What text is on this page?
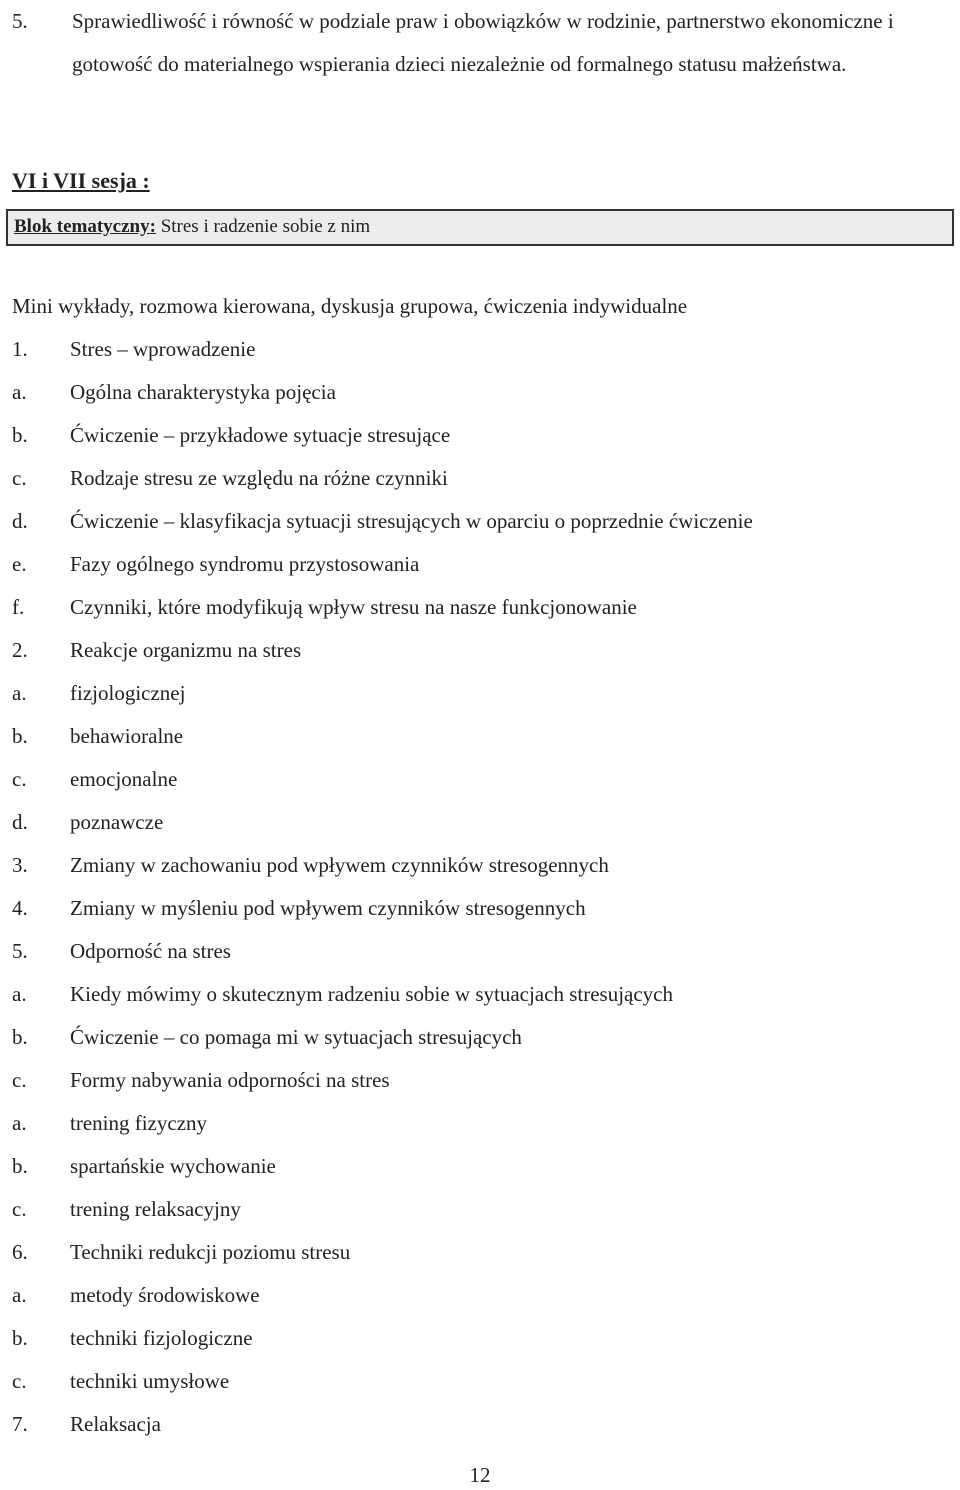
5. Sprawiedliwość i równość w podziale praw i obowiązków w rodzinie, partnerstwo ekonomiczne i gotowość do materialnego wspierania dzieci niezależnie od formalnego statusu małżeństwa.
VI i VII sesja :
Blok tematyczny: Stres i radzenie sobie z nim
Mini wykłady, rozmowa kierowana, dyskusja grupowa, ćwiczenia indywidualne
1. Stres – wprowadzenie
a. Ogólna charakterystyka pojęcia
b. Ćwiczenie – przykładowe sytuacje stresujące
c. Rodzaje stresu ze względu na różne czynniki
d. Ćwiczenie – klasyfikacja sytuacji stresujących w oparciu o poprzednie ćwiczenie
e. Fazy ogólnego syndromu przystosowania
f. Czynniki, które modyfikują wpływ stresu na nasze funkcjonowanie
2. Reakcje organizmu na stres
a. fizjologicznej
b. behawioralne
c. emocjonalne
d. poznawcze
3. Zmiany w zachowaniu pod wpływem czynników stresogennych
4. Zmiany w myśleniu pod wpływem czynników stresogennych
5. Odporność na stres
a. Kiedy mówimy o skutecznym radzeniu sobie w sytuacjach stresujących
b. Ćwiczenie – co pomaga mi w sytuacjach stresujących
c. Formy nabywania odporności na stres
a. trening fizyczny
b. spartańskie wychowanie
c. trening relaksacyjny
6. Techniki redukcji poziomu stresu
a. metody środowiskowe
b. techniki fizjologiczne
c. techniki umysłowe
7. Relaksacja
12
